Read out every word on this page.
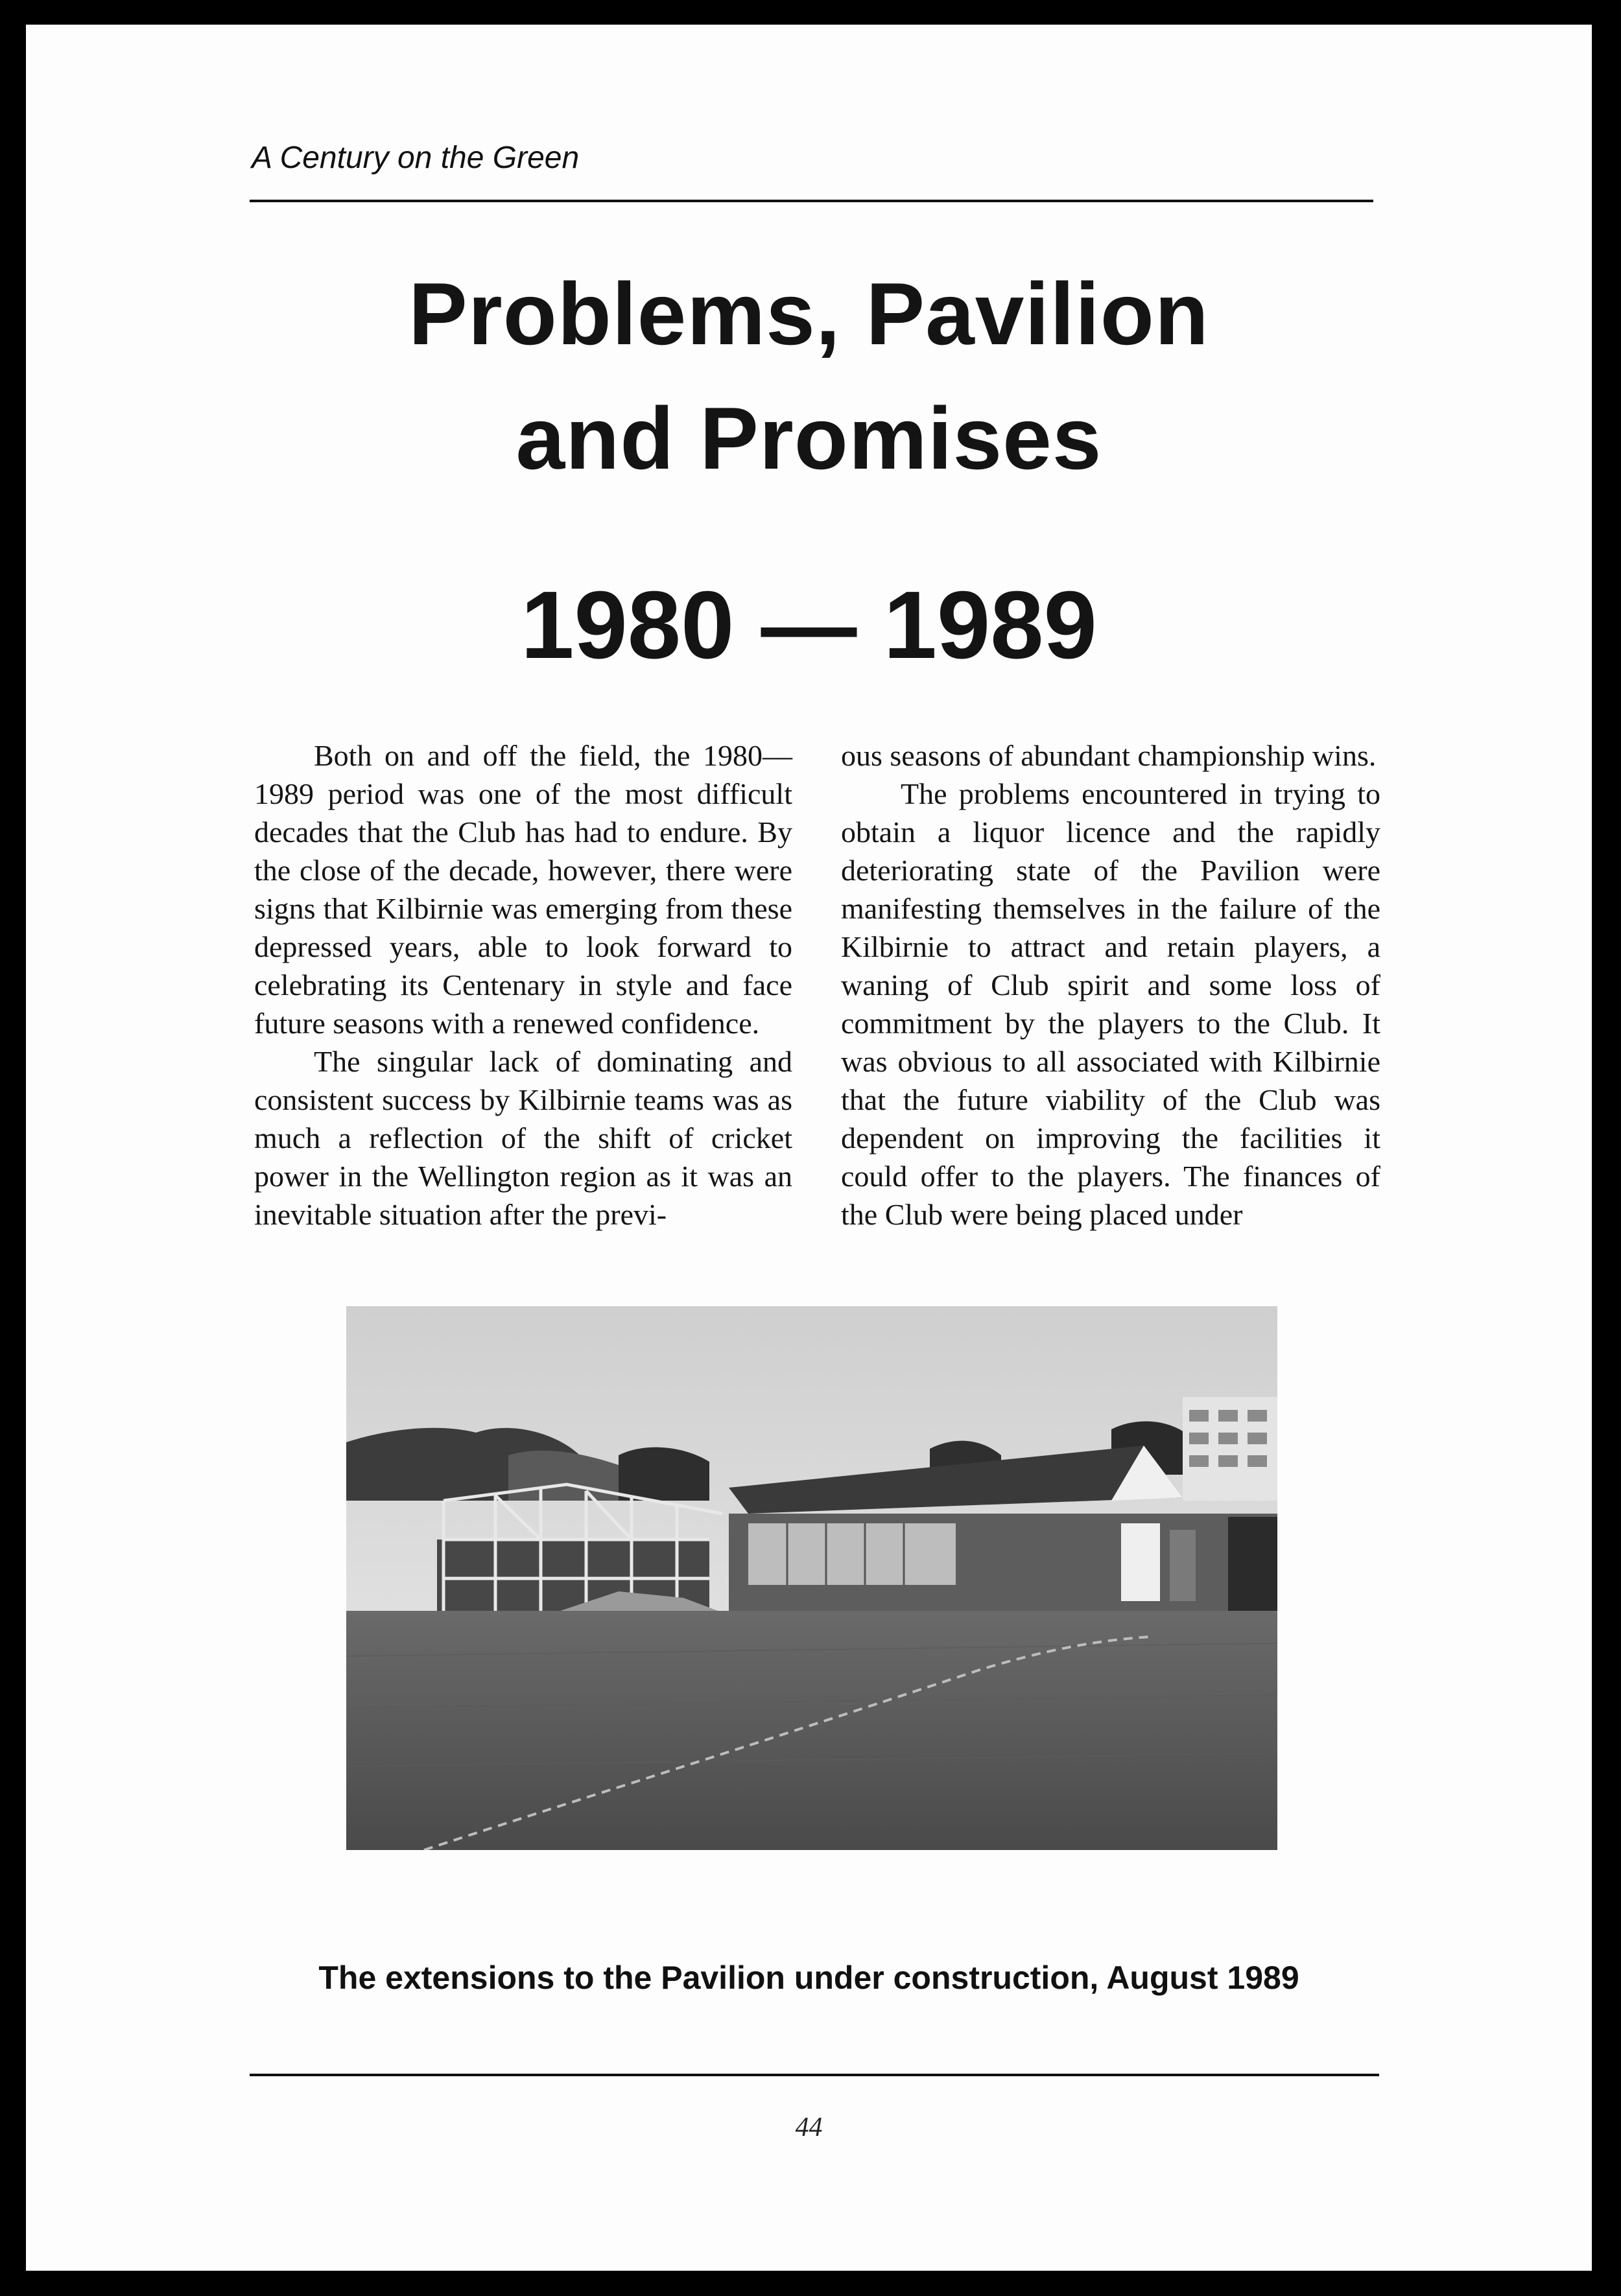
A Century on the Green
Problems, Pavilion
and Promises
1980 — 1989

Both on and off the field, the 1980––1989 period was one of the most difficult decades that the Club has had to endure. By the close of the decade, however, there were signs that Kilbirnie was emerging from these depressed years, able to look forward to celebrating its Centenary in style and face future seasons with a renewed confidence.

The singular lack of dominating and consistent success by Kilbirnie teams was as much a reflection of the shift of cricket power in the Wellington region as it was an inevitable situation after the previ-

ous seasons of abundant championship wins.

The problems encountered in trying to obtain a liquor licence and the rapidly deteriorating state of the Pavilion were manifesting themselves in the failure of the Kilbirnie to attract and retain players, a waning of Club spirit and some loss of commitment by the players to the Club. It was obvious to all associated with Kilbirnie that the future viability of the Club was dependent on improving the facilities it could offer to the players. The finances of the Club were being placed under

The extensions to the Pavilion under construction, August 1989
44
